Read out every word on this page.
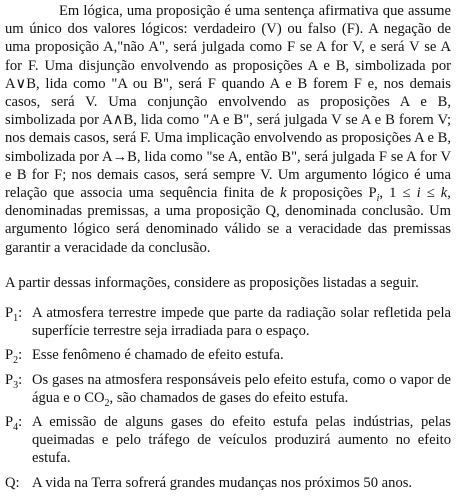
Em lógica, uma proposição é uma sentença afirmativa que assume um único dos valores lógicos: verdadeiro (V) ou falso (F). A negação de uma proposição A,"não A", será julgada como F se A for V, e será V se A for F. Uma disjunção envolvendo as proposições A e B, simbolizada por A∨B, lida como "A ou B", será F quando A e B forem F e, nos demais casos, será V. Uma conjunção envolvendo as proposições A e B, simbolizada por A∧B, lida como "A e B", será julgada V se A e B forem V; nos demais casos, será F. Uma implicação envolvendo as proposições A e B, simbolizada por A→B, lida como "se A, então B", será julgada F se A for V e B for F; nos demais casos, será sempre V. Um argumento lógico é uma relação que associa uma sequência finita de k proposições $P_i$, 1 ≤ i ≤ k, denominadas premissas, a uma proposição Q, denominada conclusão. Um argumento lógico será denominado válido se a veracidade das premissas garantir a veracidade da conclusão.

A partir dessas informações, considere as proposições listadas a seguir.

$P_1$: A atmosfera terrestre impede que parte da radiação solar refletida pela superfície terrestre seja irradiada para o espaço.
$P_2$: Esse fenômeno é chamado de efeito estufa.
$P_3$: Os gases na atmosfera responsáveis pelo efeito estufa, como o vapor de água e o $CO_2$, são chamados de gases do efeito estufa.
$P_4$: A emissão de alguns gases do efeito estufa pelas indústrias, pelas queimadas e pelo tráfego de veículos produzirá aumento no efeito estufa.
Q: A vida na Terra sofrerá grandes mudanças nos próximos 50 anos.
